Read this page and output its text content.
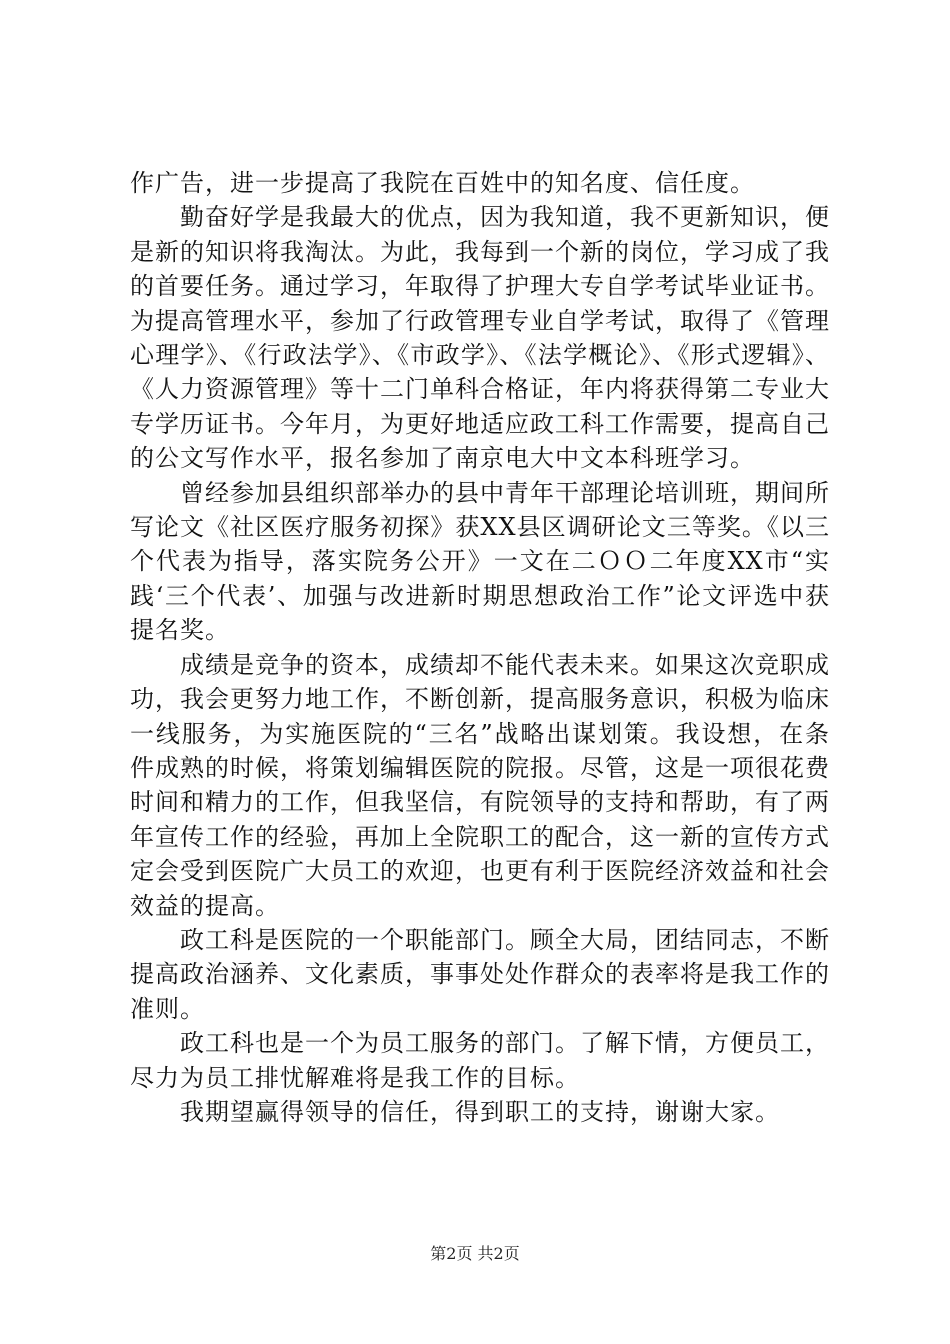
作广告，进一步提高了我院在百姓中的知名度、信任度。

勤奋好学是我最大的优点，因为我知道，我不更新知识，便是新的知识将我淘汰。为此，我每到一个新的岗位，学习成了我的首要任务。通过学习，年取得了护理大专自学考试毕业证书。为提高管理水平，参加了行政管理专业自学考试，取得了《管理心理学》、《行政法学》、《市政学》、《法学概论》、《形式逻辑》、《人力资源管理》等十二门单科合格证，年内将获得第二专业大专学历证书。今年月，为更好地适应政工科工作需要，提高自己的公文写作水平，报名参加了南京电大中文本科班学习。

曾经参加县组织部举办的县中青年干部理论培训班，期间所写论文《社区医疗服务初探》获XX县区调研论文三等奖。《以三个代表为指导，落实院务公开》一文在二ＯＯ二年度XX市“实践‘三个代表’、加强与改进新时期思想政治工作”论文评选中获提名奖。

成绩是竞争的资本，成绩却不能代表未来。如果这次竞职成功，我会更努力地工作，不断创新，提高服务意识，积极为临床一线服务，为实施医院的“三名”战略出谋划策。我设想，在条件成熟的时候，将策划编辑医院的院报。尽管，这是一项很花费时间和精力的工作，但我坚信，有院领导的支持和帮助，有了两年宣传工作的经验，再加上全院职工的配合，这一新的宣传方式定会受到医院广大员工的欢迎，也更有利于医院经济效益和社会效益的提高。

政工科是医院的一个职能部门。顾全大局，团结同志，不断提高政治涵养、文化素质，事事处处作群众的表率将是我工作的准则。

政工科也是一个为员工服务的部门。了解下情，方便员工，尽力为员工排忧解难将是我工作的目标。

我期望赢得领导的信任，得到职工的支持，谢谢大家。

第2页 共2页
